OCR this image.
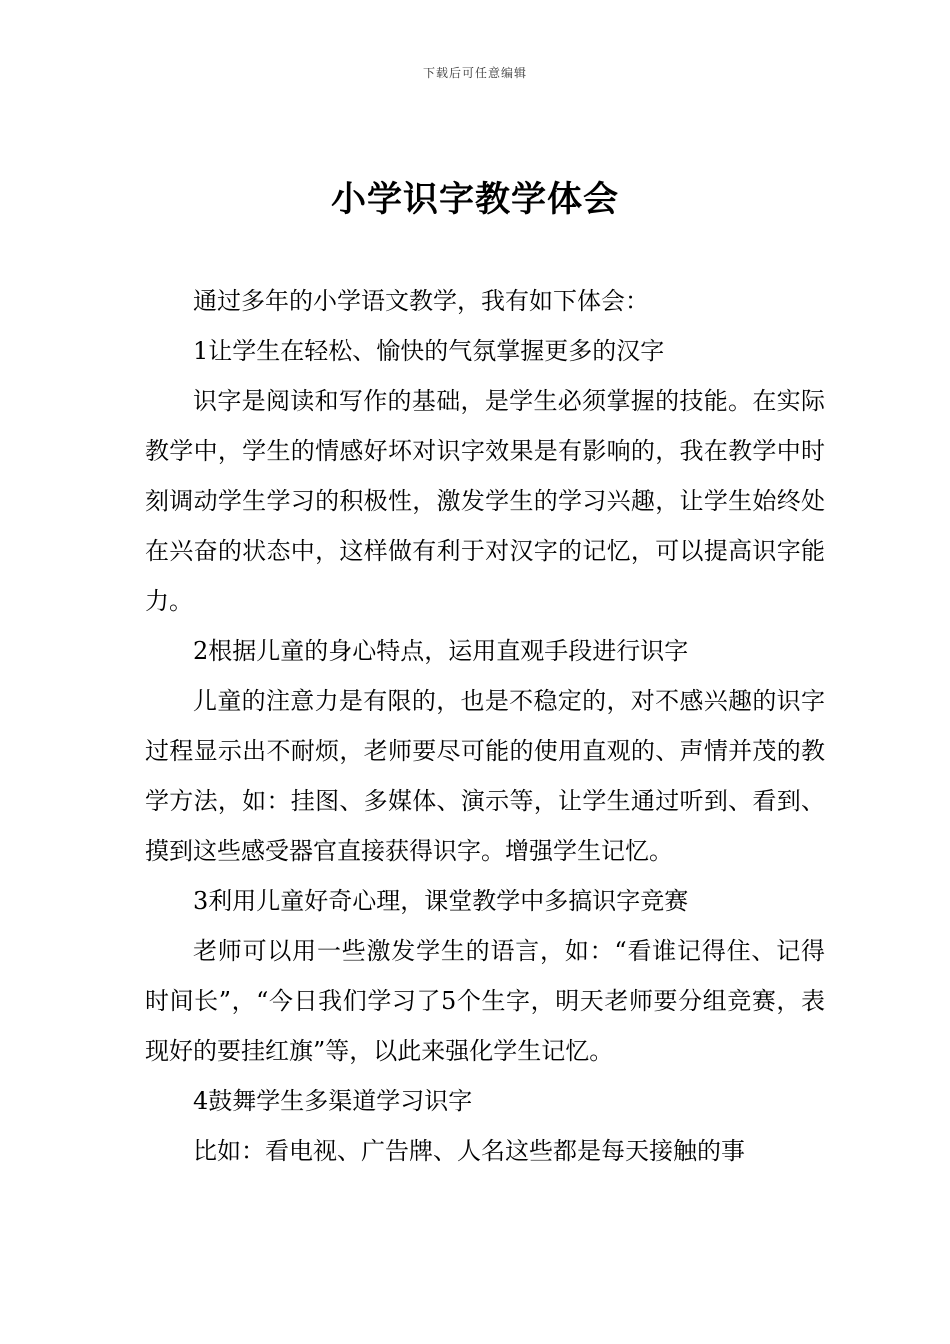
下载后可任意编辑
小学识字教学体会

通过多年的小学语文教学，我有如下体会：

1让学生在轻松、愉快的气氛掌握更多的汉字

识字是阅读和写作的基础，是学生必须掌握的技能。在实际教学中，学生的情感好坏对识字效果是有影响的，我在教学中时刻调动学生学习的积极性，激发学生的学习兴趣，让学生始终处在兴奋的状态中，这样做有利于对汉字的记忆，可以提高识字能力。

2根据儿童的身心特点，运用直观手段进行识字

儿童的注意力是有限的，也是不稳定的，对不感兴趣的识字过程显示出不耐烦，老师要尽可能的使用直观的、声情并茂的教学方法，如：挂图、多媒体、演示等，让学生通过听到、看到、摸到这些感受器官直接获得识字。增强学生记忆。

3利用儿童好奇心理，课堂教学中多搞识字竞赛

老师可以用一些激发学生的语言，如：“看谁记得住、记得时间长”，“今日我们学习了5个生字，明天老师要分组竞赛，表现好的要挂红旗”等，以此来强化学生记忆。

4鼓舞学生多渠道学习识字

比如：看电视、广告牌、人名这些都是每天接触的事
